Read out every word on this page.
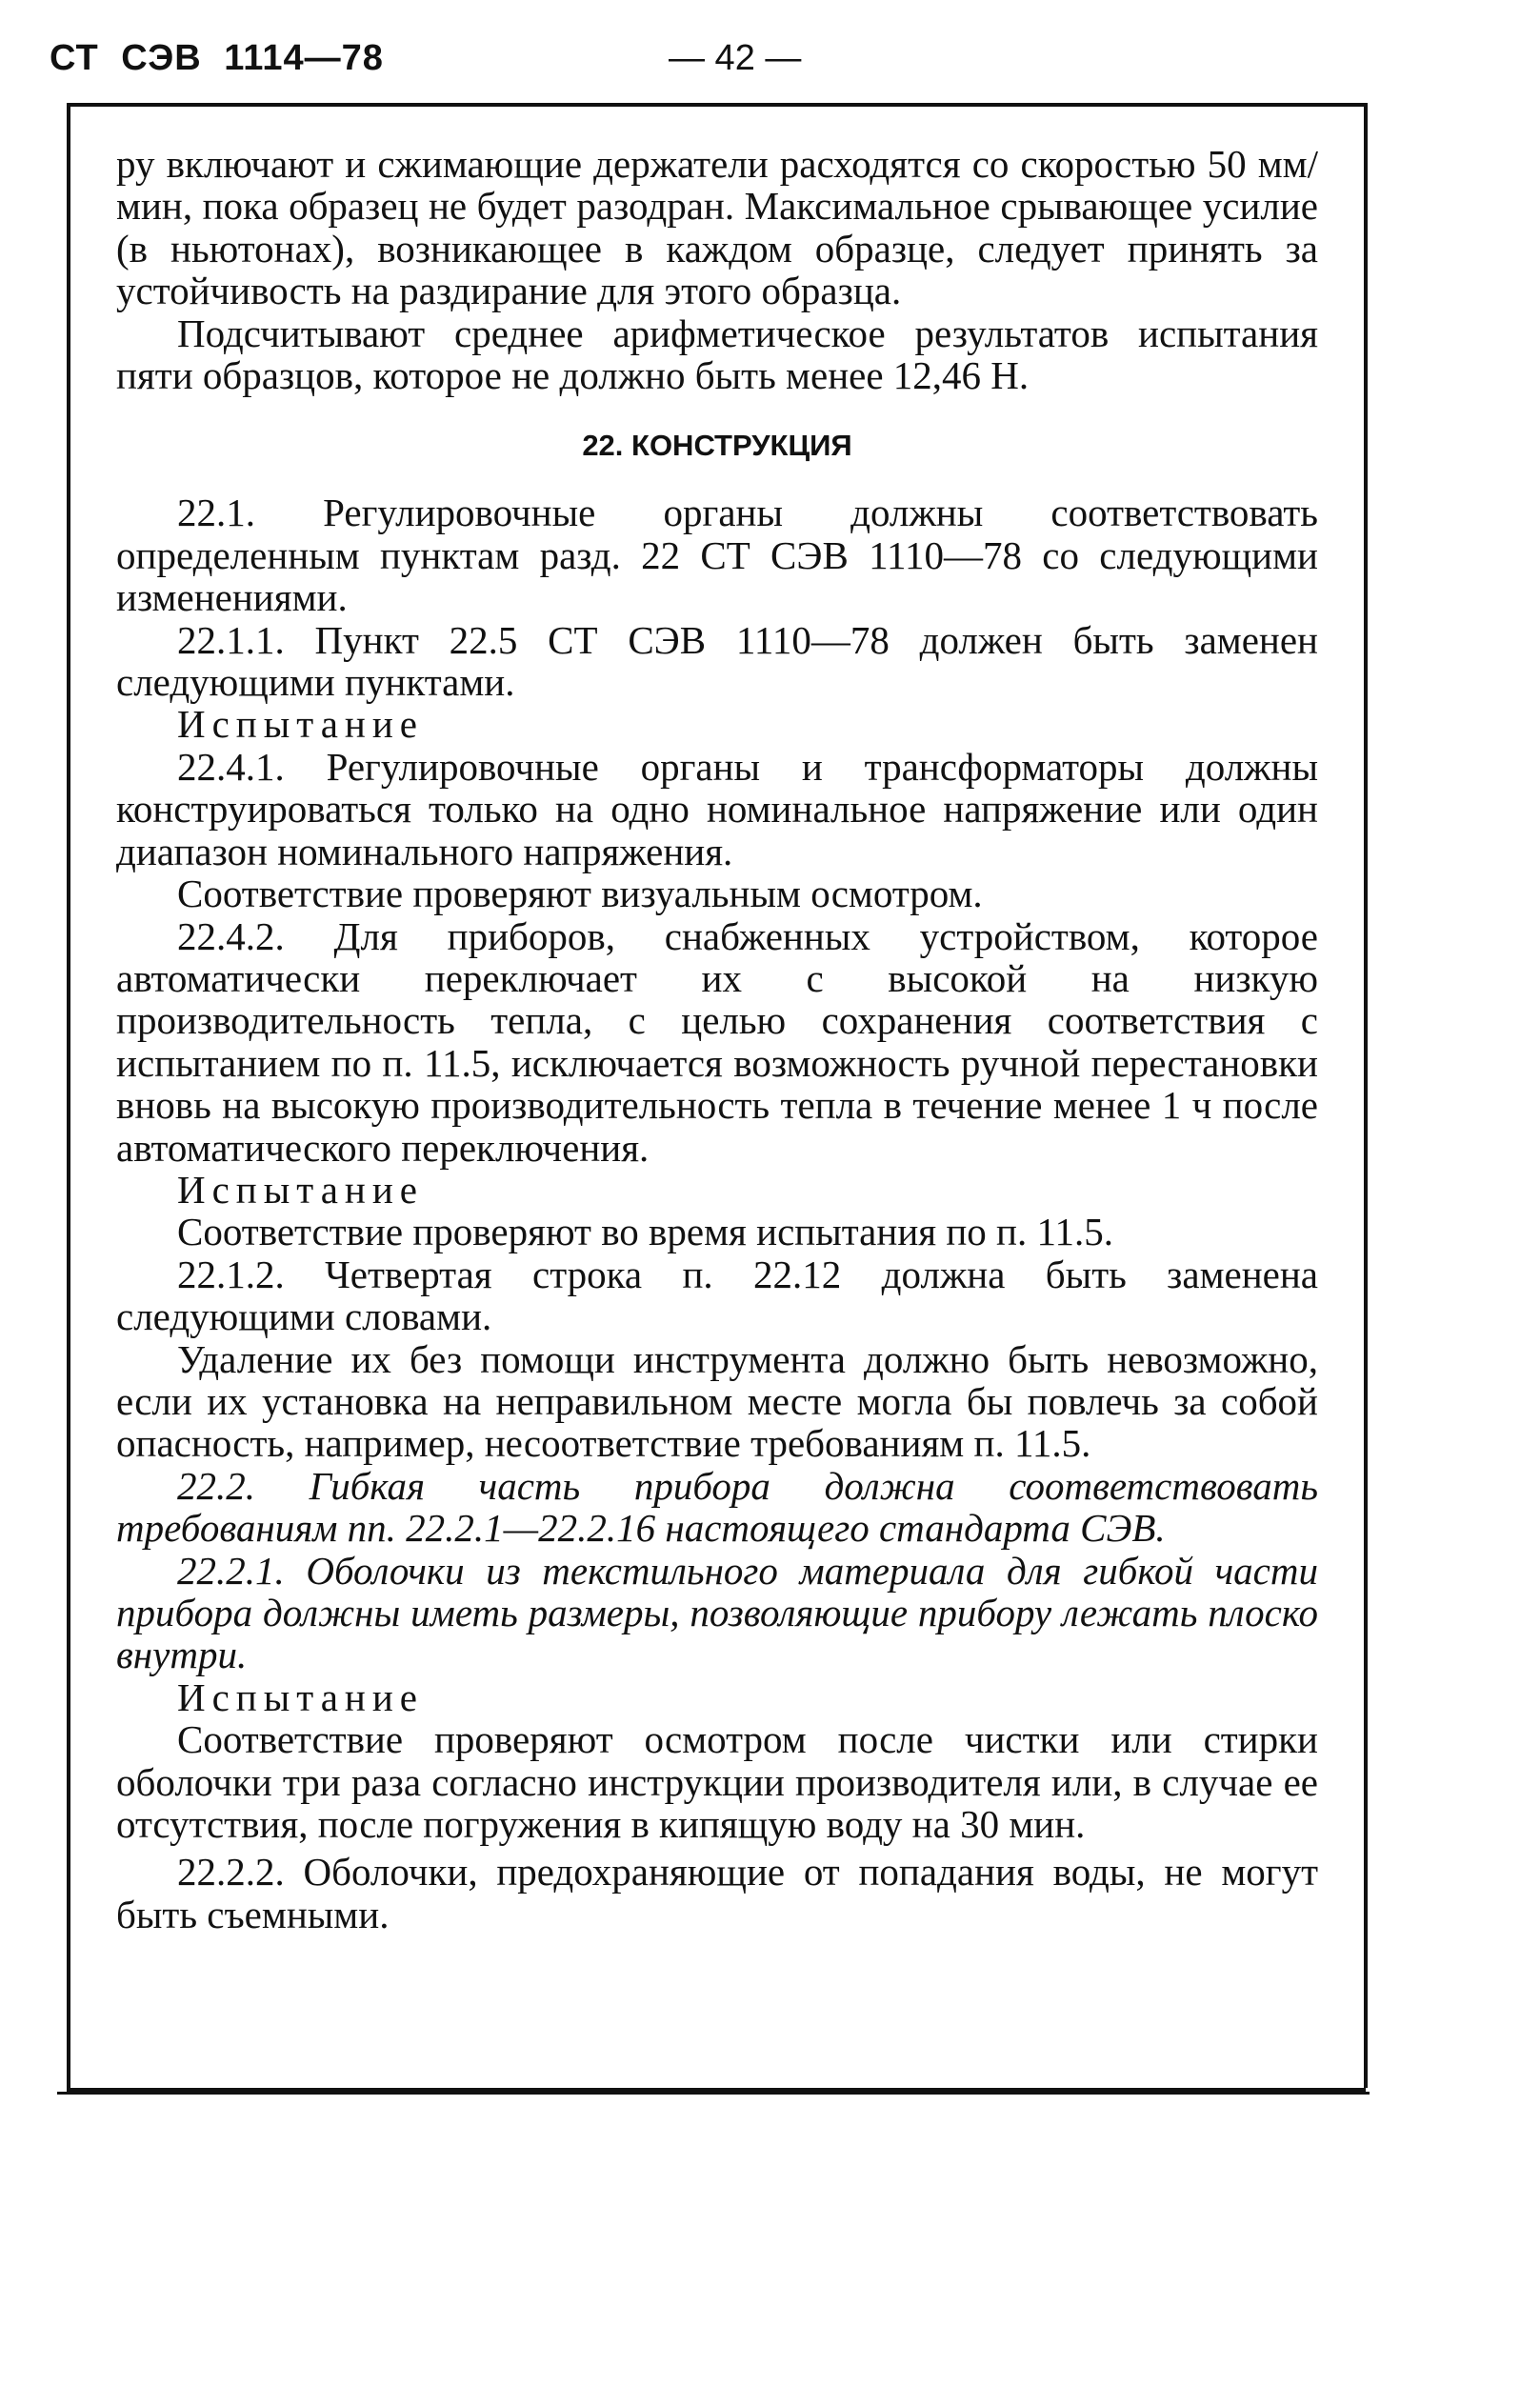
СТ СЭВ 1114—78	— 42 —

ру включают и сжимающие держатели расходятся со скоростью 50 мм/мин, пока образец не будет разодран. Максимальное срывающее усилие (в ньютонах), возникающее в каждом образце, следует принять за устойчивость на раздирание для этого образца.

Подсчитывают среднее арифметическое результатов испытания пяти образцов, которое не должно быть менее 12,46 Н.

22. КОНСТРУКЦИЯ

22.1. Регулировочные органы должны соответствовать определенным пунктам разд. 22 СТ СЭВ 1110—78 со следующими изменениями.

22.1.1. Пункт 22.5 СТ СЭВ 1110—78 должен быть заменен следующими пунктами.

Испытание

22.4.1. Регулировочные органы и трансформаторы должны конструироваться только на одно номинальное напряжение или один диапазон номинального напряжения.

Соответствие проверяют визуальным осмотром.

22.4.2. Для приборов, снабженных устройством, которое автоматически переключает их с высокой на низкую производительность тепла, с целью сохранения соответствия с испытанием по п. 11.5, исключается возможность ручной перестановки вновь на высокую производительность тепла в течение менее 1 ч после автоматического переключения.

Испытание

Соответствие проверяют во время испытания по п. 11.5.

22.1.2. Четвертая строка п. 22.12 должна быть заменена следующими словами.

Удаление их без помощи инструмента должно быть невозможно, если их установка на неправильном месте могла бы повлечь за собой опасность, например, несоответствие требованиям п. 11.5.

22.2. Гибкая часть прибора должна соответствовать требованиям пп. 22.2.1—22.2.16 настоящего стандарта СЭВ.

22.2.1. Оболочки из текстильного материала для гибкой части прибора должны иметь размеры, позволяющие прибору лежать плоско внутри.

Испытание

Соответствие проверяют осмотром после чистки или стирки оболочки три раза согласно инструкции производителя или, в случае ее отсутствия, после погружения в кипящую воду на 30 мин.

22.2.2. Оболочки, предохраняющие от попадания воды, не могут быть съемными.
